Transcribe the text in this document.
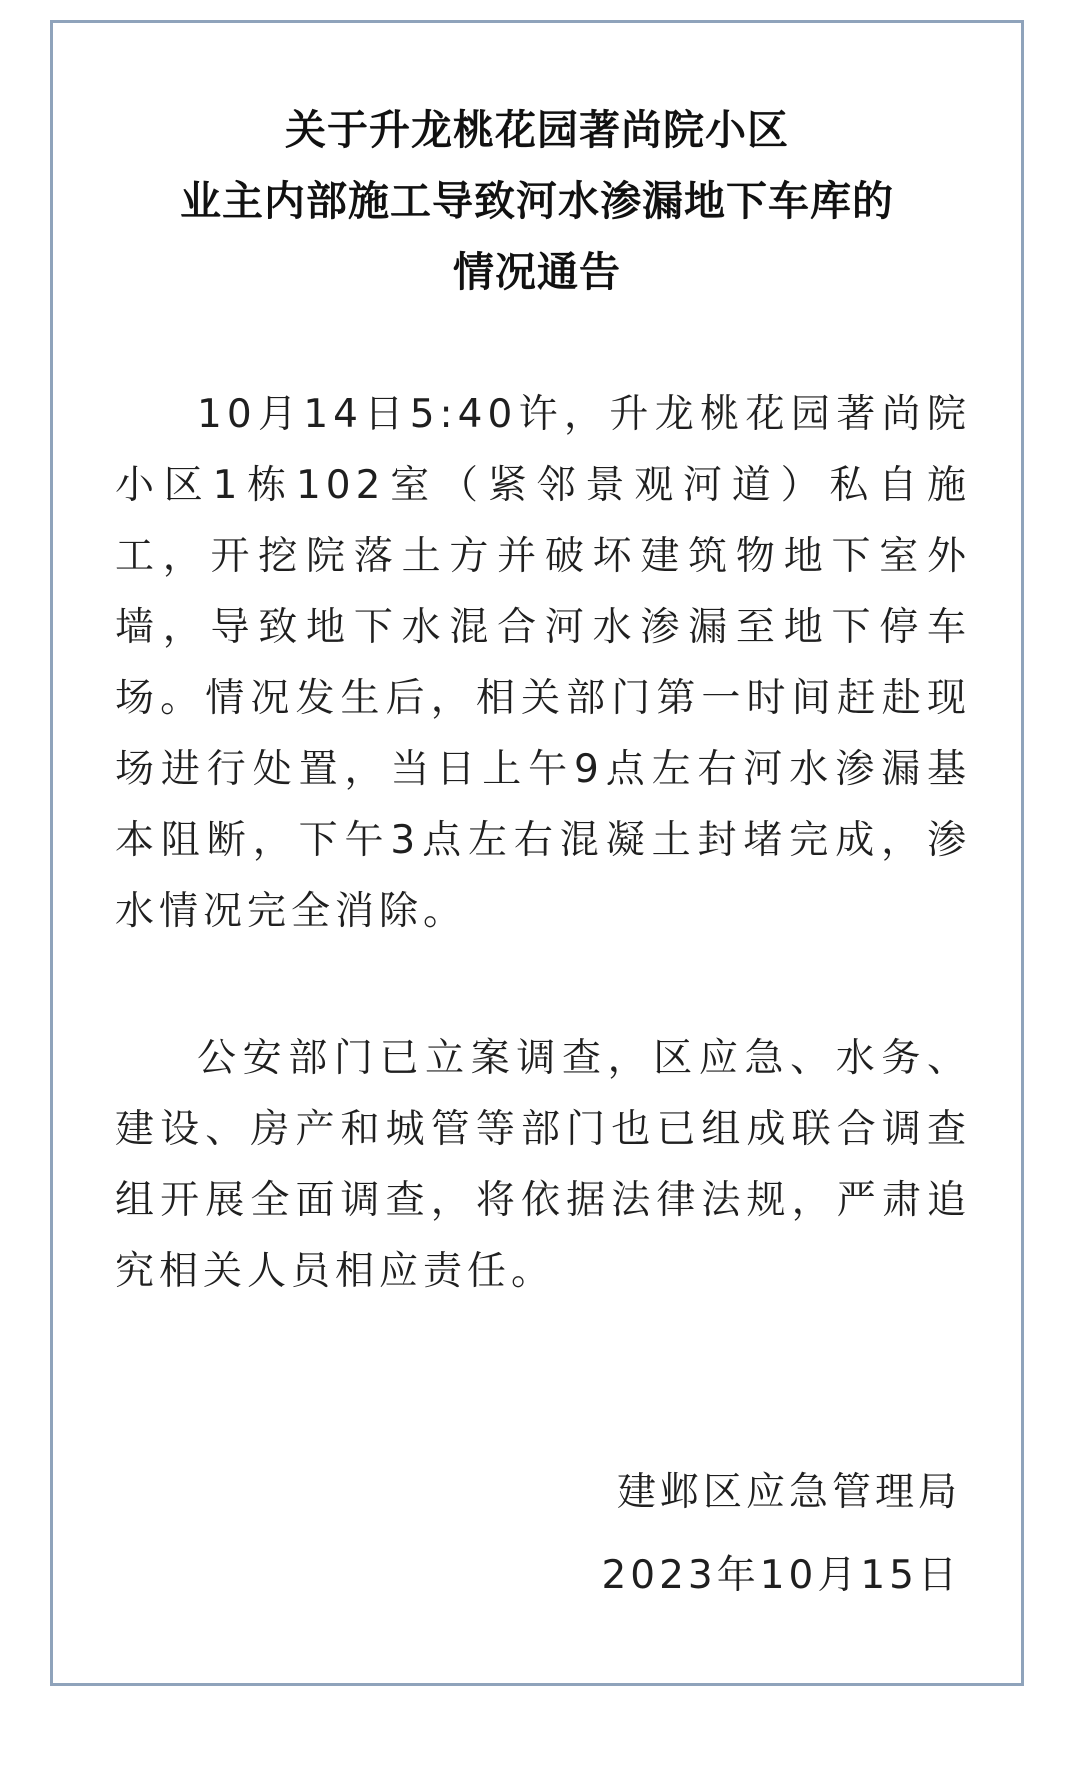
关于升龙桃花园著尚院小区
业主内部施工导致河水渗漏地下车库的
情况通告
10月14日5:40许，升龙桃花园著尚院
小区1栋102室（紧邻景观河道）私自施
工，开挖院落土方并破坏建筑物地下室外
墙，导致地下水混合河水渗漏至地下停车
场。情况发生后，相关部门第一时间赶赴现
场进行处置，当日上午9点左右河水渗漏基
本阻断，下午3点左右混凝土封堵完成，渗
水情况完全消除。
公安部门已立案调查，区应急、水务、
建设、房产和城管等部门也已组成联合调查
组开展全面调查，将依据法律法规，严肃追
究相关人员相应责任。
建邺区应急管理局
2023年10月15日
